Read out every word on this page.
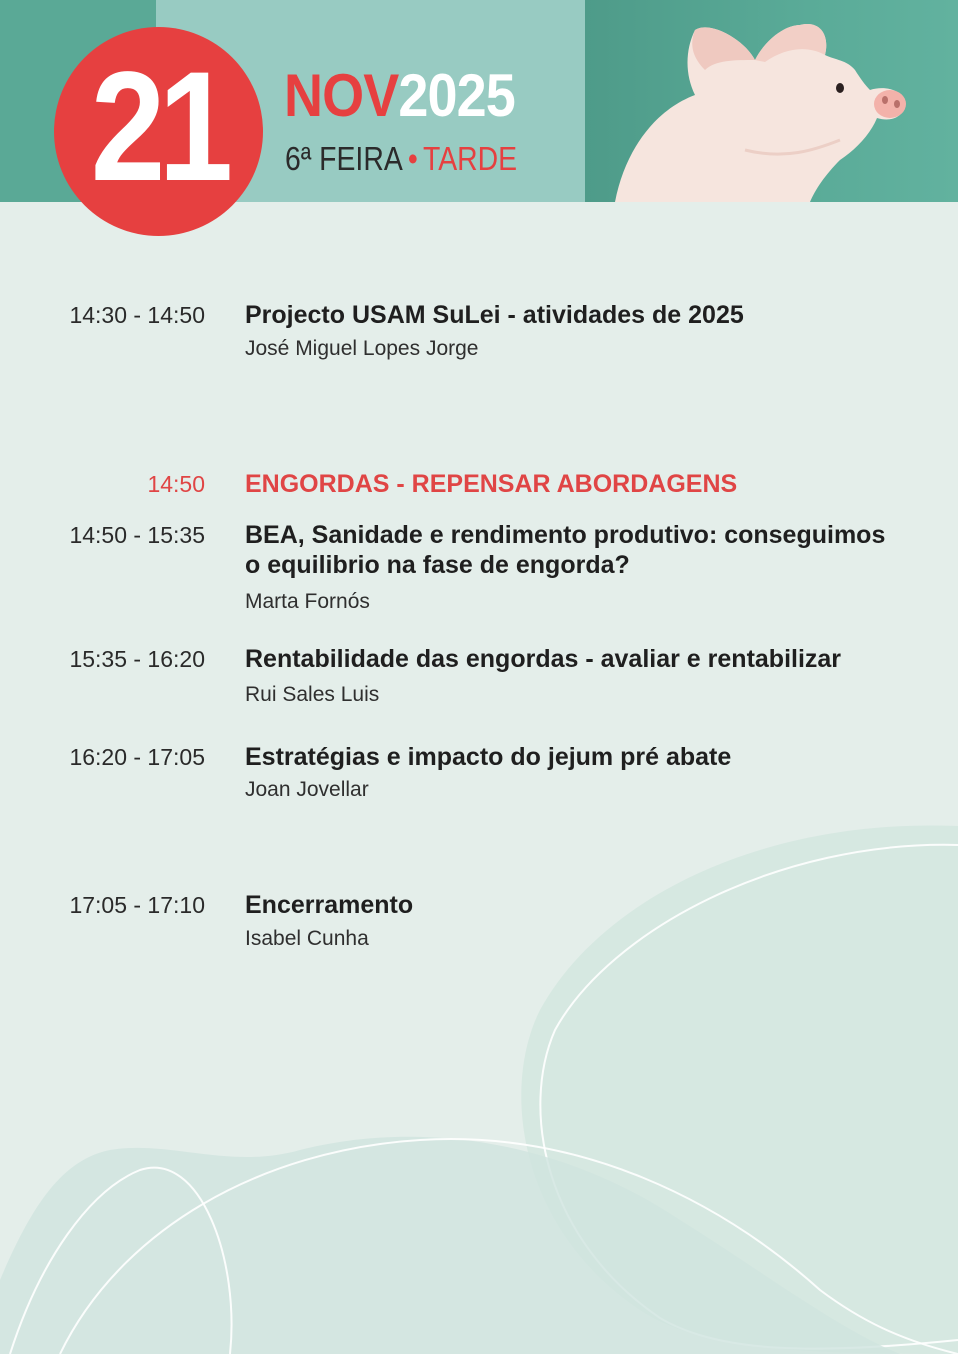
21 NOV2025
6ª FEIRA • TARDE
14:30 - 14:50 Projecto USAM SuLei - atividades de 2025
José Miguel Lopes Jorge
14:50 ENGORDAS - REPENSAR ABORDAGENS
14:50 - 15:35 BEA, Sanidade e rendimento produtivo: conseguimos o equilibrio na fase de engorda?
Marta Fornós
15:35 - 16:20 Rentabilidade das engordas - avaliar e rentabilizar
Rui Sales Luis
16:20 - 17:05 Estratégias e impacto do jejum pré abate
Joan Jovellar
17:05 - 17:10 Encerramento
Isabel Cunha
